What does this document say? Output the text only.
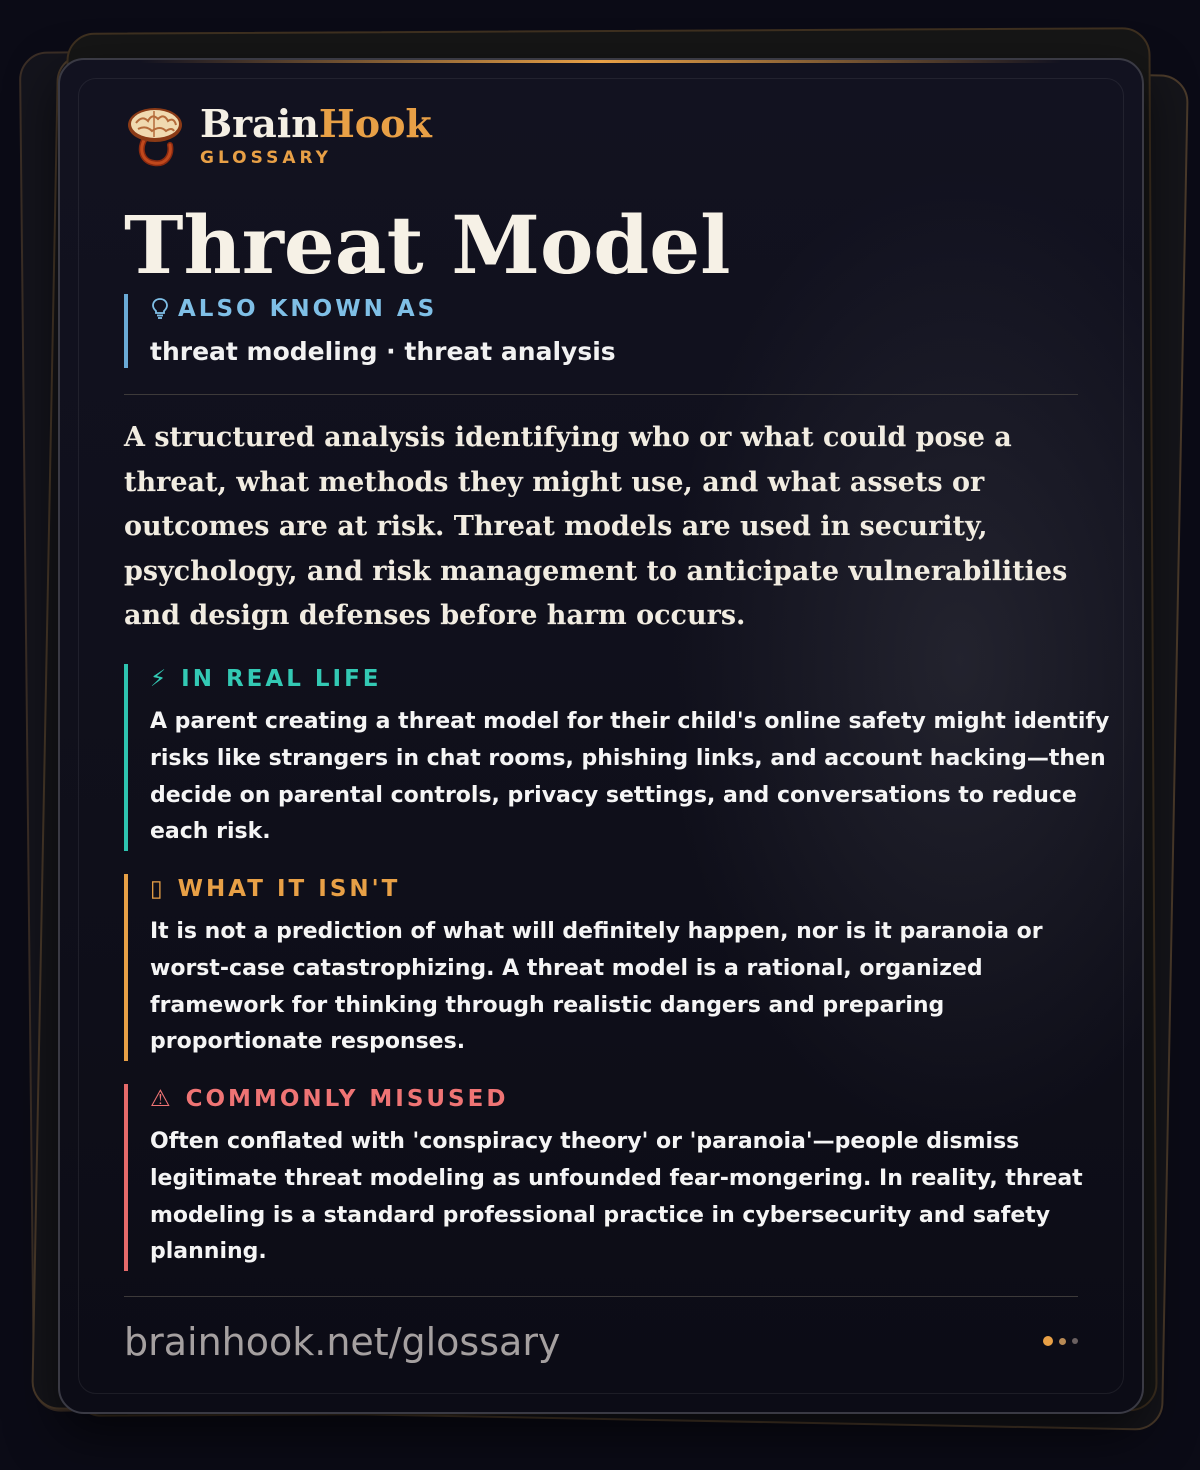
BrainHook
GLOSSARY
Threat Model
ALSO KNOWN AS
threat modeling · threat analysis

A structured analysis identifying who or what could pose a threat, what methods they might use, and what assets or outcomes are at risk. Threat models are used in security, psychology, and risk management to anticipate vulnerabilities and design defenses before harm occurs.

⚡ IN REAL LIFE
A parent creating a threat model for their child's online safety might identify risks like strangers in chat rooms, phishing links, and account hacking—then decide on parental controls, privacy settings, and conversations to reduce each risk.
▯ WHAT IT ISN'T
It is not a prediction of what will definitely happen, nor is it paranoia or worst-case catastrophizing. A threat model is a rational, organized framework for thinking through realistic dangers and preparing proportionate responses.
⚠ COMMONLY MISUSED
Often conflated with 'conspiracy theory' or 'paranoia'—people dismiss legitimate threat modeling as unfounded fear-mongering. In reality, threat modeling is a standard professional practice in cybersecurity and safety planning.
brainhook.net/glossary
